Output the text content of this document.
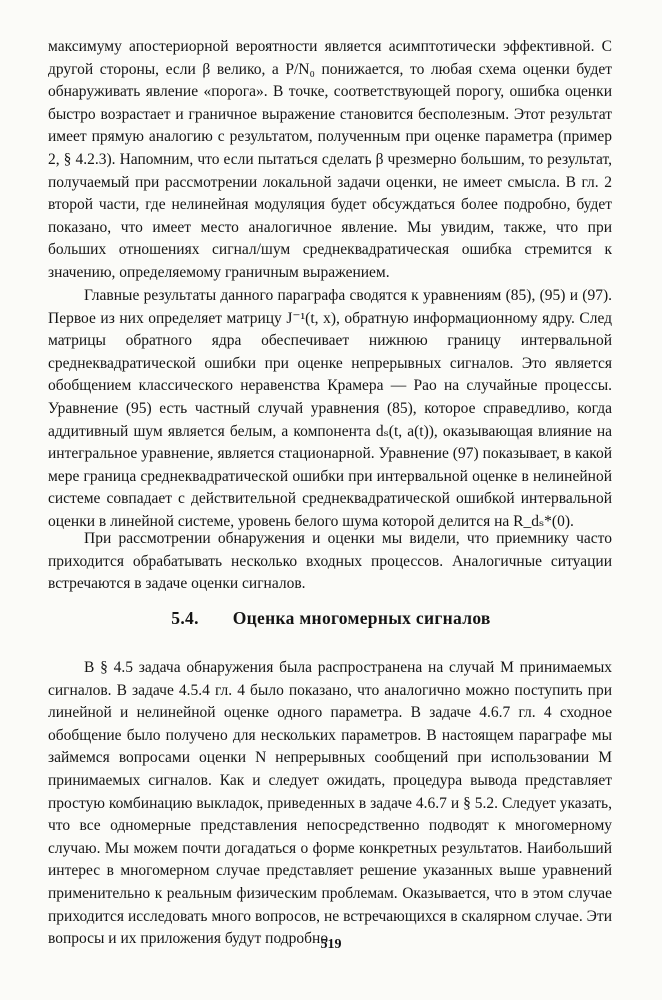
максимуму апостериорной вероятности является асимптотически эффективной. С другой стороны, если β велико, а P/N₀ понижается, то любая схема оценки будет обнаруживать явление «порога». В точке, соответствующей порогу, ошибка оценки быстро возрастает и граничное выражение становится бесполезным. Этот результат имеет прямую аналогию с результатом, полученным при оценке параметра (пример 2, § 4.2.3). Напомним, что если пытаться сделать β чрезмерно большим, то результат, получаемый при рассмотрении локальной задачи оценки, не имеет смысла. В гл. 2 второй части, где нелинейная модуляция будет обсуждаться более подробно, будет показано, что имеет место аналогичное явление. Мы увидим, также, что при больших отношениях сигнал/шум среднеквадратическая ошибка стремится к значению, определяемому граничным выражением.

Главные результаты данного параграфа сводятся к уравнениям (85), (95) и (97). Первое из них определяет матрицу J⁻¹(t, x), обратную информационному ядру. След матрицы обратного ядра обеспечивает нижнюю границу интервальной среднеквадратической ошибки при оценке непрерывных сигналов. Это является обобщением классического неравенства Крамера — Рао на случайные процессы. Уравнение (95) есть частный случай уравнения (85), которое справедливо, когда аддитивный шум является белым, а компонента dₛ(t, a(t)), оказывающая влияние на интегральное уравнение, является стационарной. Уравнение (97) показывает, в какой мере граница среднеквадратической ошибки при интервальной оценке в нелинейной системе совпадает с действительной среднеквадратической ошибкой интервальной оценки в линейной системе, уровень белого шума которой делится на R_dₛ*(0).

При рассмотрении обнаружения и оценки мы видели, что приемнику часто приходится обрабатывать несколько входных процессов. Аналогичные ситуации встречаются в задаче оценки сигналов.

5.4. Оценка многомерных сигналов

В § 4.5 задача обнаружения была распространена на случай M принимаемых сигналов. В задаче 4.5.4 гл. 4 было показано, что аналогично можно поступить при линейной и нелинейной оценке одного параметра. В задаче 4.6.7 гл. 4 сходное обобщение было получено для нескольких параметров. В настоящем параграфе мы займемся вопросами оценки N непрерывных сообщений при использовании M принимаемых сигналов. Как и следует ожидать, процедура вывода представляет простую комбинацию выкладок, приведенных в задаче 4.6.7 и § 5.2. Следует указать, что все одномерные представления непосредственно подводят к многомерному случаю. Мы можем почти догадаться о форме конкретных результатов. Наибольший интерес в многомерном случае представляет решение указанных выше уравнений применительно к реальным физическим проблемам. Оказывается, что в этом случае приходится исследовать много вопросов, не встречающихся в скалярном случае. Эти вопросы и их приложения будут подробно

519
